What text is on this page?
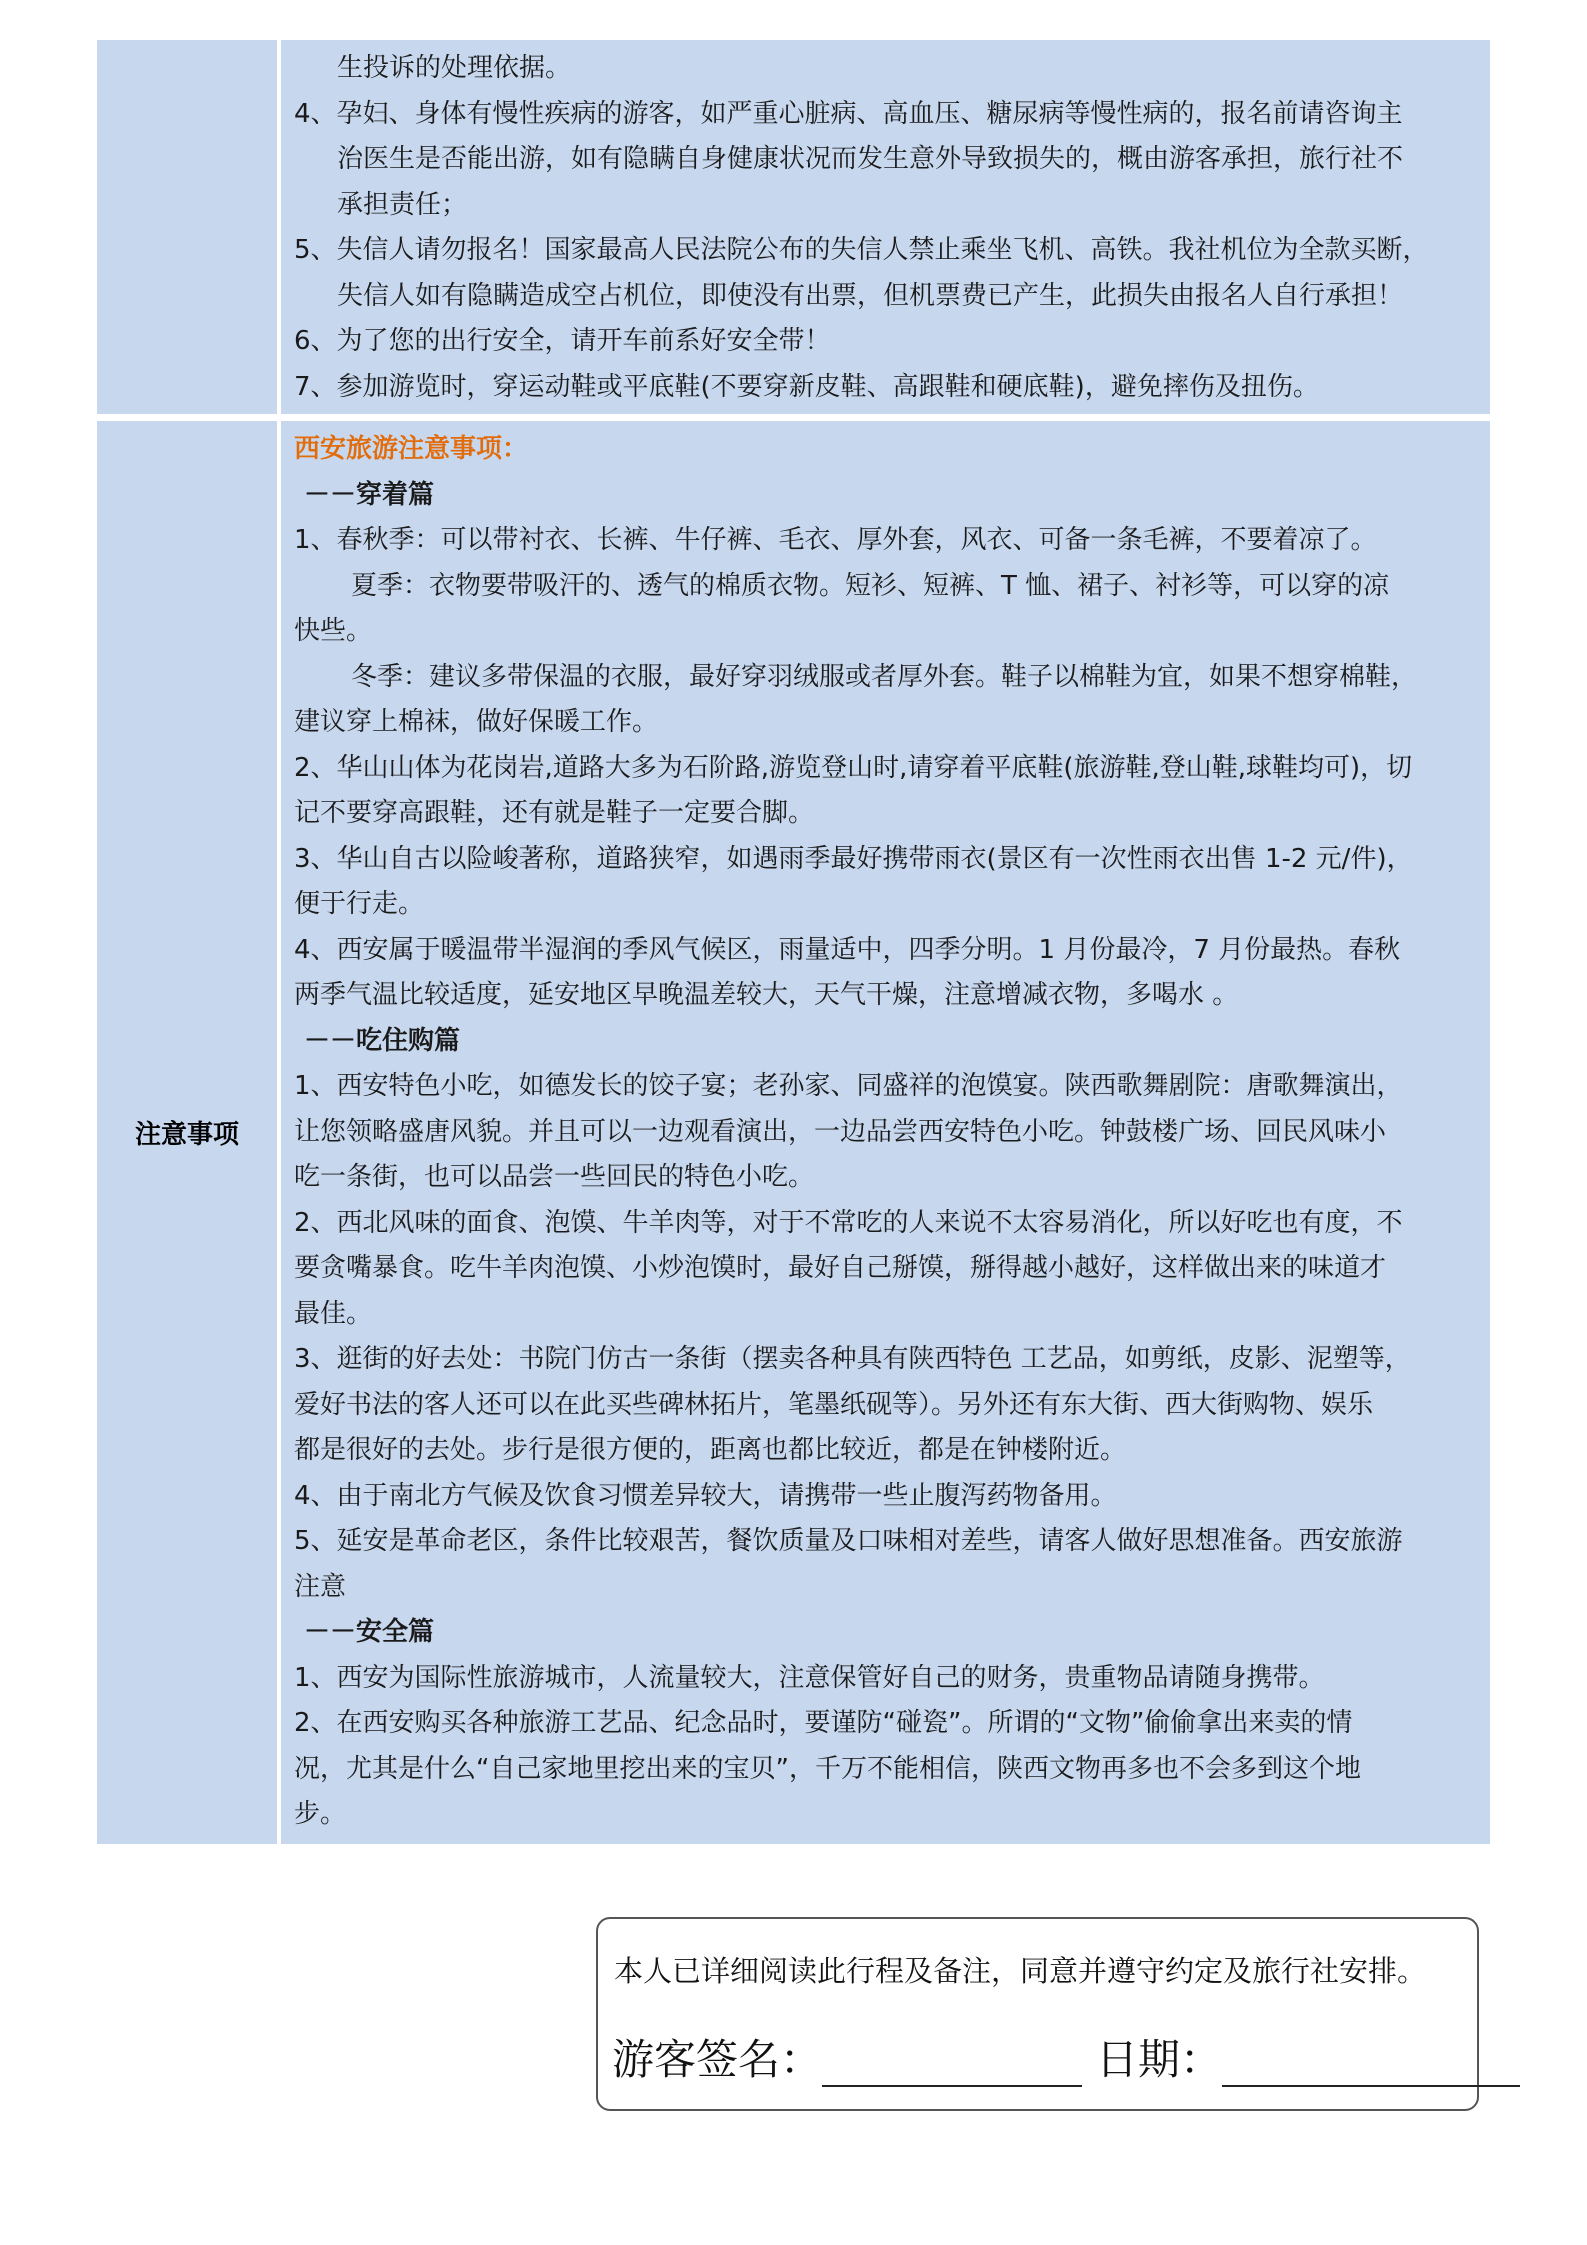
生投诉的处理依据。

4、孕妇、身体有慢性疾病的游客，如严重心脏病、高血压、糖尿病等慢性病的，报名前请咨询主

治医生是否能出游，如有隐瞒自身健康状况而发生意外导致损失的，概由游客承担，旅行社不

承担责任；

5、失信人请勿报名！国家最高人民法院公布的失信人禁止乘坐飞机、高铁。我社机位为全款买断，

失信人如有隐瞒造成空占机位，即使没有出票，但机票费已产生，此损失由报名人自行承担！

6、为了您的出行安全，请开车前系好安全带！

7、参加游览时，穿运动鞋或平底鞋(不要穿新皮鞋、高跟鞋和硬底鞋)，避免摔伤及扭伤。

注意事项

西安旅游注意事项：

－－穿着篇

1、春秋季：可以带衬衣、长裤、牛仔裤、毛衣、厚外套，风衣、可备一条毛裤，不要着凉了。

夏季：衣物要带吸汗的、透气的棉质衣物。短衫、短裤、T 恤、裙子、衬衫等，可以穿的凉

快些。

冬季：建议多带保温的衣服，最好穿羽绒服或者厚外套。鞋子以棉鞋为宜，如果不想穿棉鞋，

建议穿上棉袜，做好保暖工作。

2、华山山体为花岗岩,道路大多为石阶路,游览登山时,请穿着平底鞋(旅游鞋,登山鞋,球鞋均可)，切

记不要穿高跟鞋，还有就是鞋子一定要合脚。

3、华山自古以险峻著称，道路狭窄，如遇雨季最好携带雨衣(景区有一次性雨衣出售 1-2 元/件)，

便于行走。

4、西安属于暖温带半湿润的季风气候区，雨量适中，四季分明。1 月份最冷，7 月份最热。春秋

两季气温比较适度，延安地区早晚温差较大，天气干燥，注意增减衣物，多喝水 。

－－吃住购篇

1、西安特色小吃，如德发长的饺子宴；老孙家、同盛祥的泡馍宴。陕西歌舞剧院：唐歌舞演出，

让您领略盛唐风貌。并且可以一边观看演出，一边品尝西安特色小吃。钟鼓楼广场、回民风味小

吃一条街，也可以品尝一些回民的特色小吃。

2、西北风味的面食、泡馍、牛羊肉等，对于不常吃的人来说不太容易消化，所以好吃也有度，不

要贪嘴暴食。吃牛羊肉泡馍、小炒泡馍时，最好自己掰馍，掰得越小越好，这样做出来的味道才

最佳。

3、逛街的好去处：书院门仿古一条街（摆卖各种具有陕西特色 工艺品，如剪纸，皮影、泥塑等，

爱好书法的客人还可以在此买些碑林拓片，笔墨纸砚等）。另外还有东大街、西大街购物、娱乐

都是很好的去处。步行是很方便的，距离也都比较近，都是在钟楼附近。

4、由于南北方气候及饮食习惯差异较大，请携带一些止腹泻药物备用。

5、延安是革命老区，条件比较艰苦，餐饮质量及口味相对差些，请客人做好思想准备。西安旅游

注意

－－安全篇

1、西安为国际性旅游城市，人流量较大，注意保管好自己的财务，贵重物品请随身携带。

2、在西安购买各种旅游工艺品、纪念品时，要谨防“碰瓷”。所谓的“文物”偷偷拿出来卖的情

况，尤其是什么“自己家地里挖出来的宝贝”，千万不能相信，陕西文物再多也不会多到这个地

步。

本人已详细阅读此行程及备注，同意并遵守约定及旅行社安排。
游客签名：	日期：
